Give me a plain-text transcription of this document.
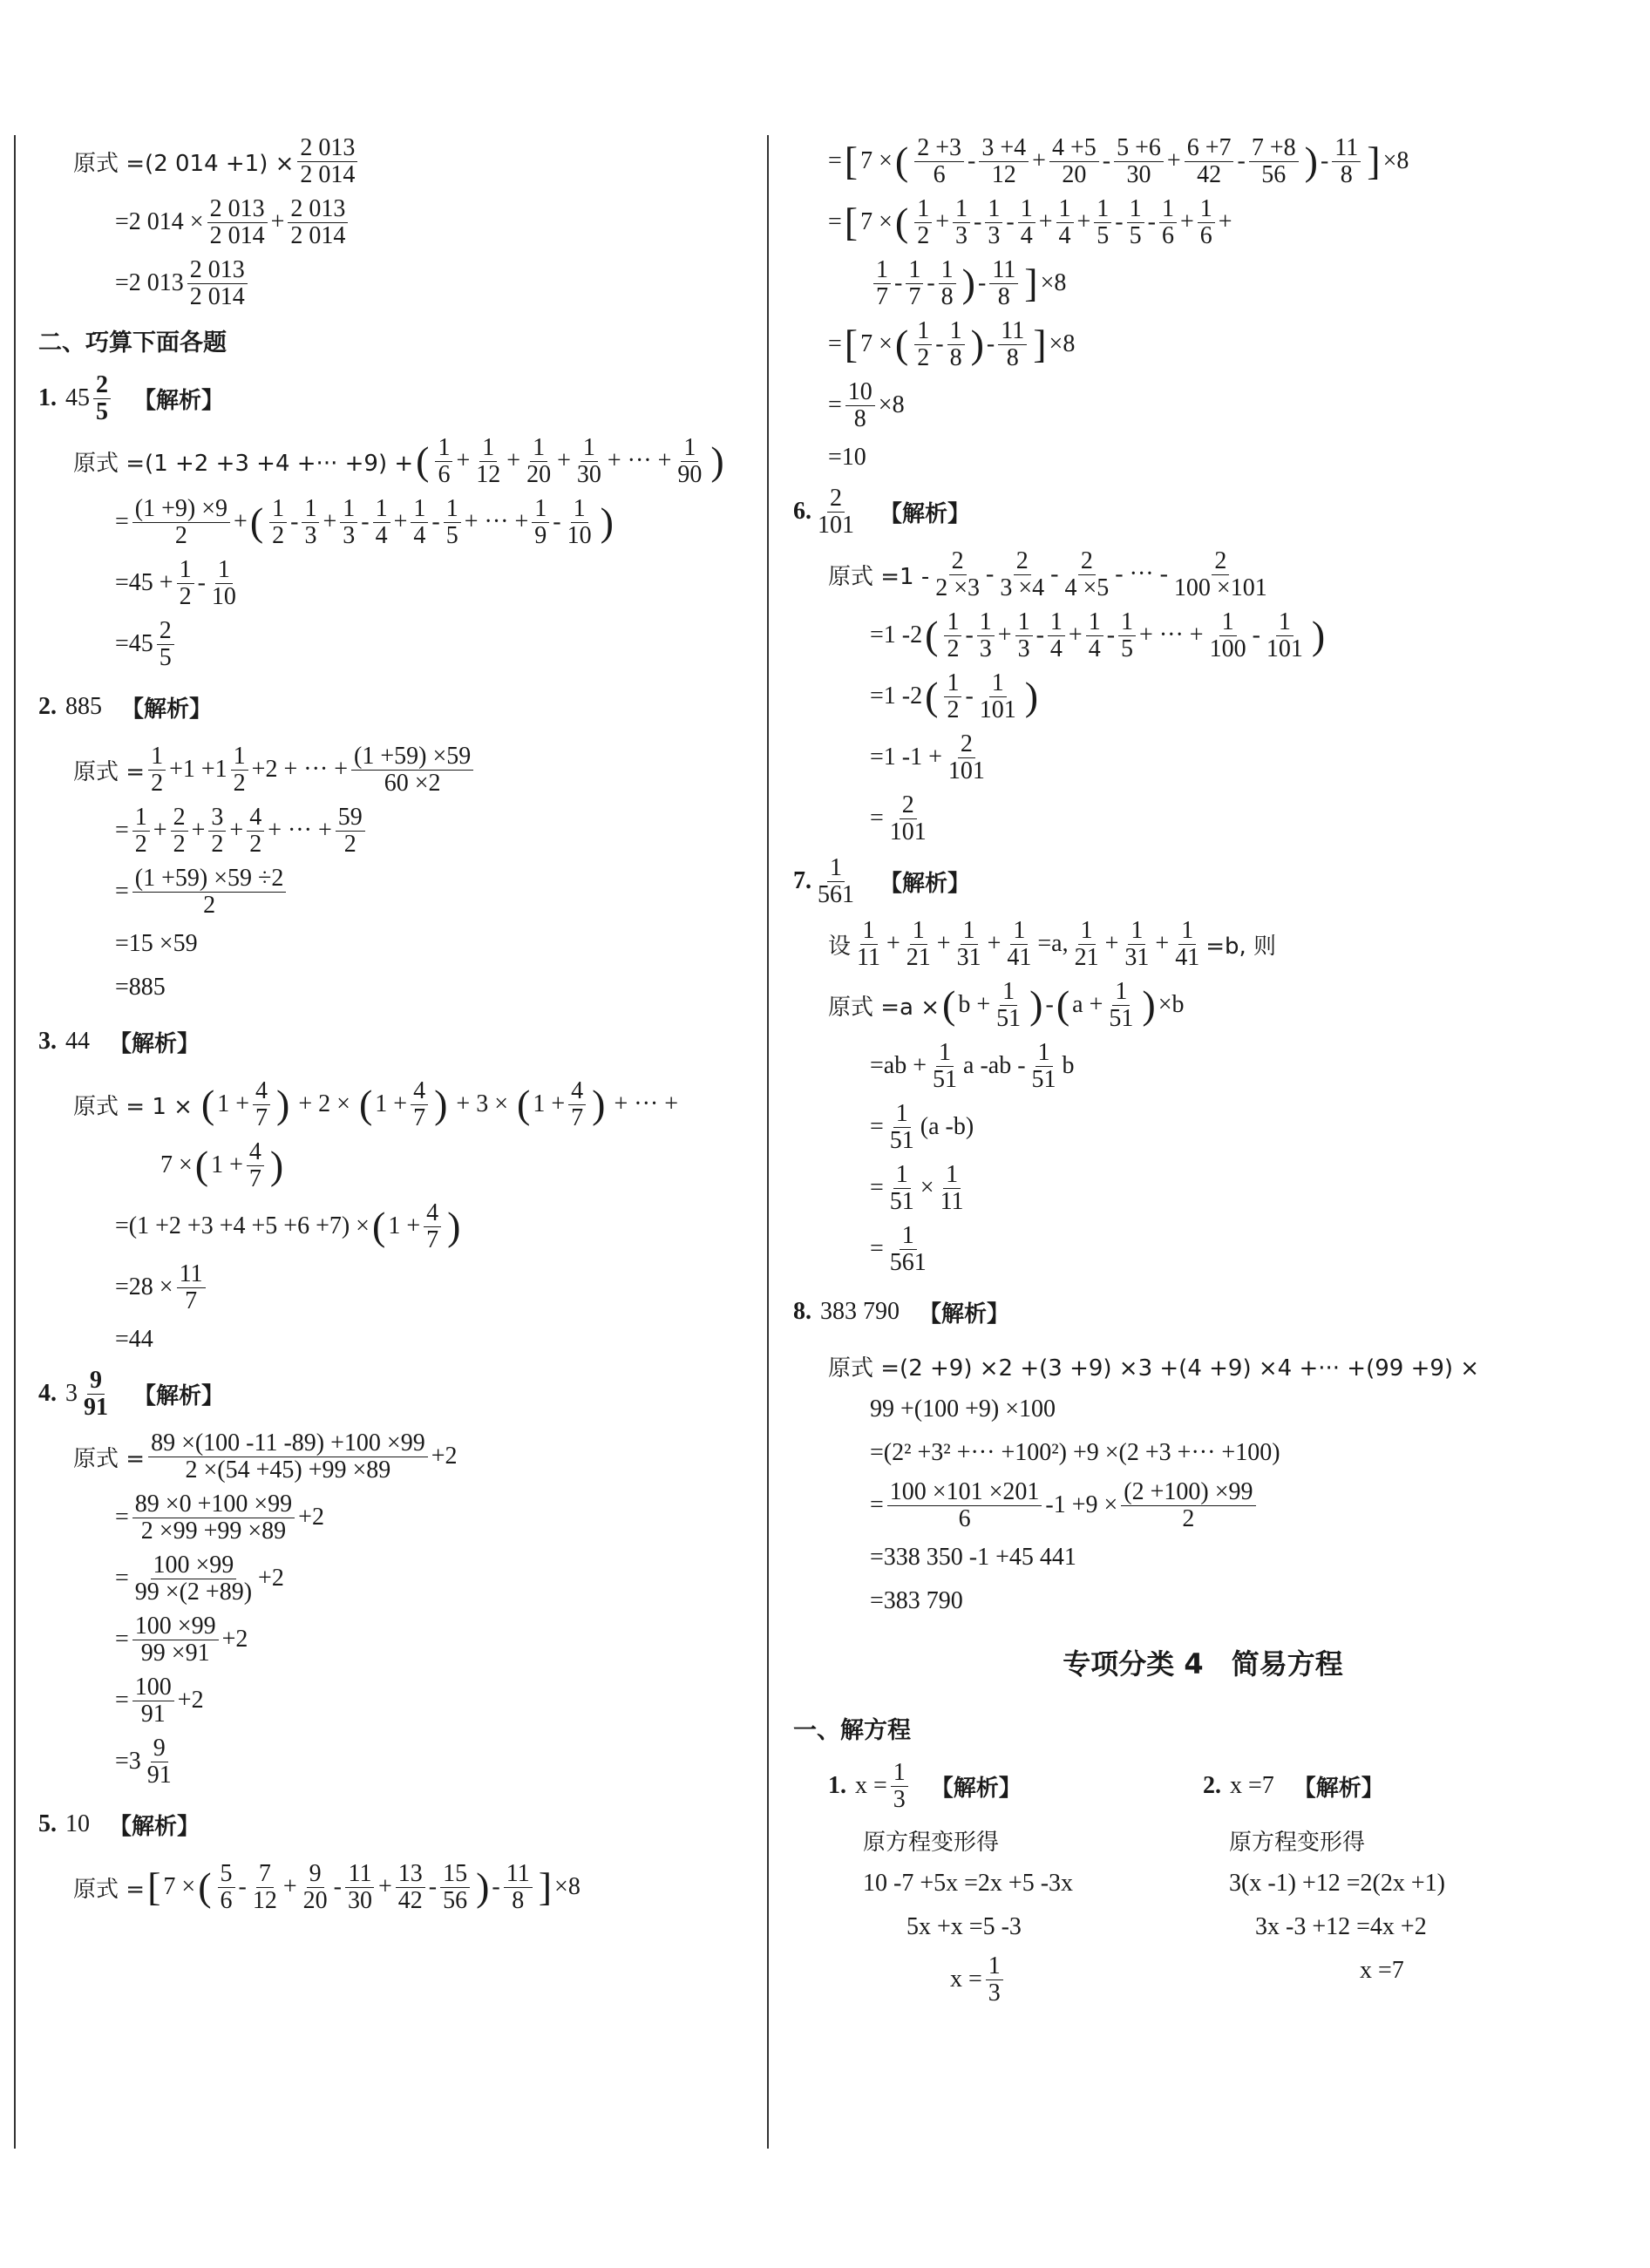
原式 =(2 $014 +1) \times \frac{2 013}{2 014}$
=2 $014 \times \frac{2 013}{2 014} + \frac{2 013}{2 014}$
=2 $013 \frac{2 013}{2 014}$
二、巧算下面各题
1. $45 \frac{2}{5}$ 【解析】
原式 =(1 +2 +3 +4 +··· +9) + ( $\frac{1}{6} + \frac{1}{12} + \frac{1}{20} + \frac{1}{30}$ + ··· + $\frac{1}{90}$ )
= $\frac{(1 +9) \times 9}{2}$ + ( $\frac{1}{2} - \frac{1}{3} + \frac{1}{3} - \frac{1}{4} + \frac{1}{4} - \frac{1}{5}$ + ··· + $\frac{1}{9} - \frac{1}{10}$ )
$=45 + \frac{1}{2} - \frac{1}{10}$
$=45 \frac{2}{5}$
2. 885 【解析】
原式 = $\frac{1}{2} +1 +1 \frac{1}{2} +2$ + ··· + $\frac{(1 +59) \times 59}{60 \times 2}$
= $\frac{1}{2} + \frac{2}{2} + \frac{3}{2} + \frac{4}{2}$ + ··· + $\frac{59}{2}$
= $\frac{(1 +59) \times 59 \div 2}{2}$
=15 ×59
=885
3. 44 【解析】
原式 = 1 ×
( $1 + \frac{4}{7}$ )
+ 2 ×
( $1 + \frac{4}{7}$ )
+ 3 ×
( $1 + \frac{4}{7}$ )
+ ··· +
7 × ( $1 + \frac{4}{7}$ )
=(1 +2 +3 +4 +5 +6 +7) × ( $1 + \frac{4}{7}$ )
$=28 \times \frac{11}{7}$
=44
4. $3 \frac{9}{91}$ 【解析】
原式 = $\frac{89 \times(100 -11 -89) +100 \times 99}{2 \times(54 +45) +99 \times 89} +2$
= $\frac{89 \times 0 +100 \times 99}{2 \times 99 +99 \times 89} +2$
= $\frac{100 \times 99}{99 \times(2 +89)} +2$
= $\frac{100 \times 99}{99 \times 91} +2$
= $\frac{100}{91} +2$
$=3 \frac{9}{91}$
5. 10 【解析】
原式 = [ 7 × ( $\frac{5}{6} - \frac{7}{12} + \frac{9}{20} - \frac{11}{30} + \frac{13}{42} - \frac{15}{56}$ ) - $\frac{11}{8}$ ] ×8
= [ 7 × ( $\frac{2 +3}{6} - \frac{3 +4}{12} + \frac{4 +5}{20} - \frac{5 +6}{30} + \frac{6 +7}{42} - \frac{7 +8}{56}$ ) - $\frac{11}{8}$ ] ×8
= [ 7 × ( $\frac{1}{2} + \frac{1}{3} - \frac{1}{3} - \frac{1}{4} + \frac{1}{4} + \frac{1}{5} - \frac{1}{5} - \frac{1}{6} + \frac{1}{6}$ +
$\frac{1}{7} - \frac{1}{7} - \frac{1}{8}$ ) - $\frac{11}{8}$ ] ×8
= [ 7 × ( $\frac{1}{2} - \frac{1}{8}$ ) - $\frac{11}{8}$ ] ×8
= $\frac{10}{8} \times 8$
=10
6. $\frac{2}{101}$ 【解析】
原式 $=1 - \frac{2}{2 \times 3} - \frac{2}{3 \times 4} - \frac{2}{4 \times 5}$ - ··· - $\frac{2}{100 \times 101}$
=1 -2 ( $\frac{1}{2} - \frac{1}{3} + \frac{1}{3} - \frac{1}{4} + \frac{1}{4} - \frac{1}{5}$ + ··· + $\frac{1}{100} - \frac{1}{101}$ )
=1 -2 ( $\frac{1}{2} - \frac{1}{101}$ )
=1 $-1 + \frac{2}{101}$
= $\frac{2}{101}$
7. $\frac{1}{561}$ 【解析】
设 $\frac{1}{11} + \frac{1}{21} + \frac{1}{31} + \frac{1}{41} =a$, $\frac{1}{21} + \frac{1}{31} + \frac{1}{41} =b$, 则
原式 =a × ( $b + \frac{1}{51}$ ) - ( $a + \frac{1}{51}$ ) ×b
$=ab + \frac{1}{51}$ a $-ab - \frac{1}{51}$ b
= $\frac{1}{51} (a$ -b)
= $\frac{1}{51} \times \frac{1}{11}$
= $\frac{1}{561}$
8. 383 790 【解析】
原式 =(2 +9) ×2 +(3 +9) ×3 +(4 +9) ×4 +··· +(99 +9) ×
99 +(100 +9) ×100
=(2² +3² +··· +100²) +9 ×(2 +3 +··· +100)
= $\frac{100 \times 101 \times 201}{6} -1 +9 \times \frac{(2 +100) \times 99}{2}$
=338 350 -1 +45 441
=383 790
专项分类 4　简易方程
一、解方程
1. $x = \frac{1}{3}$ 【解析】
原方程变形得
10 -7 +5x =2x +5 -3x
5x +x =5 -3
$x = \frac{1}{3}$
2. x =7 【解析】
原方程变形得
3(x -1) +12 =2(2x +1)
3x -3 +12 =4x +2
x =7
